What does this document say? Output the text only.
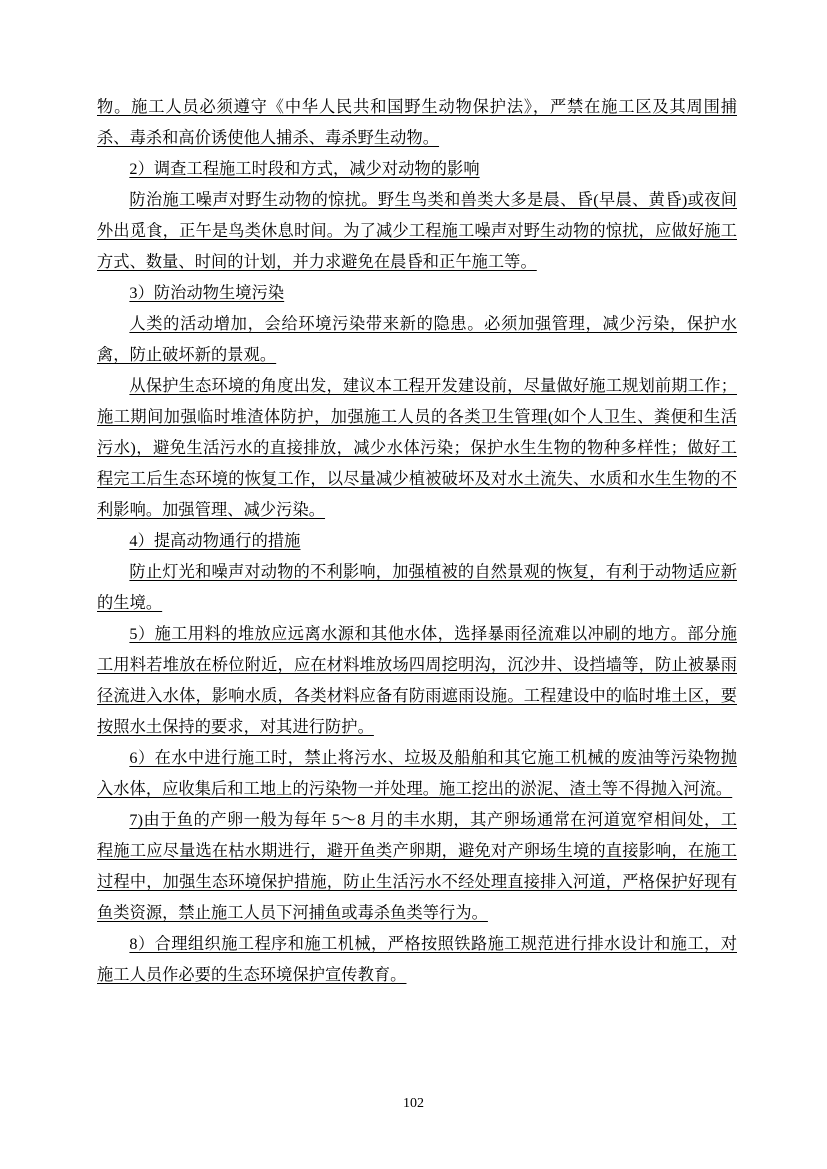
物。施工人员必须遵守《中华人民共和国野生动物保护法》，严禁在施工区及其周围捕杀、毒杀和高价诱使他人捕杀、毒杀野生动物。

2）调查工程施工时段和方式，减少对动物的影响

防治施工噪声对野生动物的惊扰。野生鸟类和兽类大多是晨、昏(早晨、黄昏)或夜间外出觅食，正午是鸟类休息时间。为了减少工程施工噪声对野生动物的惊扰，应做好施工方式、数量、时间的计划，并力求避免在晨昏和正午施工等。

3）防治动物生境污染

人类的活动增加，会给环境污染带来新的隐患。必须加强管理，减少污染，保护水禽，防止破坏新的景观。

从保护生态环境的角度出发，建议本工程开发建设前，尽量做好施工规划前期工作；施工期间加强临时堆渣体防护，加强施工人员的各类卫生管理(如个人卫生、粪便和生活污水)，避免生活污水的直接排放，减少水体污染；保护水生生物的物种多样性；做好工程完工后生态环境的恢复工作，以尽量减少植被破坏及对水土流失、水质和水生生物的不利影响。加强管理、减少污染。

4）提高动物通行的措施

防止灯光和噪声对动物的不利影响，加强植被的自然景观的恢复，有利于动物适应新的生境。

5）施工用料的堆放应远离水源和其他水体，选择暴雨径流难以冲刷的地方。部分施工用料若堆放在桥位附近，应在材料堆放场四周挖明沟，沉沙井、设挡墙等，防止被暴雨径流进入水体，影响水质，各类材料应备有防雨遮雨设施。工程建设中的临时堆土区，要按照水土保持的要求，对其进行防护。

6）在水中进行施工时，禁止将污水、垃圾及船舶和其它施工机械的废油等污染物抛入水体，应收集后和工地上的污染物一并处理。施工挖出的淤泥、渣土等不得抛入河流。

7)由于鱼的产卵一般为每年 5～8 月的丰水期，其产卵场通常在河道宽窄相间处，工程施工应尽量选在枯水期进行，避开鱼类产卵期，避免对产卵场生境的直接影响，在施工过程中，加强生态环境保护措施，防止生活污水不经处理直接排入河道，严格保护好现有鱼类资源，禁止施工人员下河捕鱼或毒杀鱼类等行为。

8）合理组织施工程序和施工机械，严格按照铁路施工规范进行排水设计和施工，对施工人员作必要的生态环境保护宣传教育。

102
